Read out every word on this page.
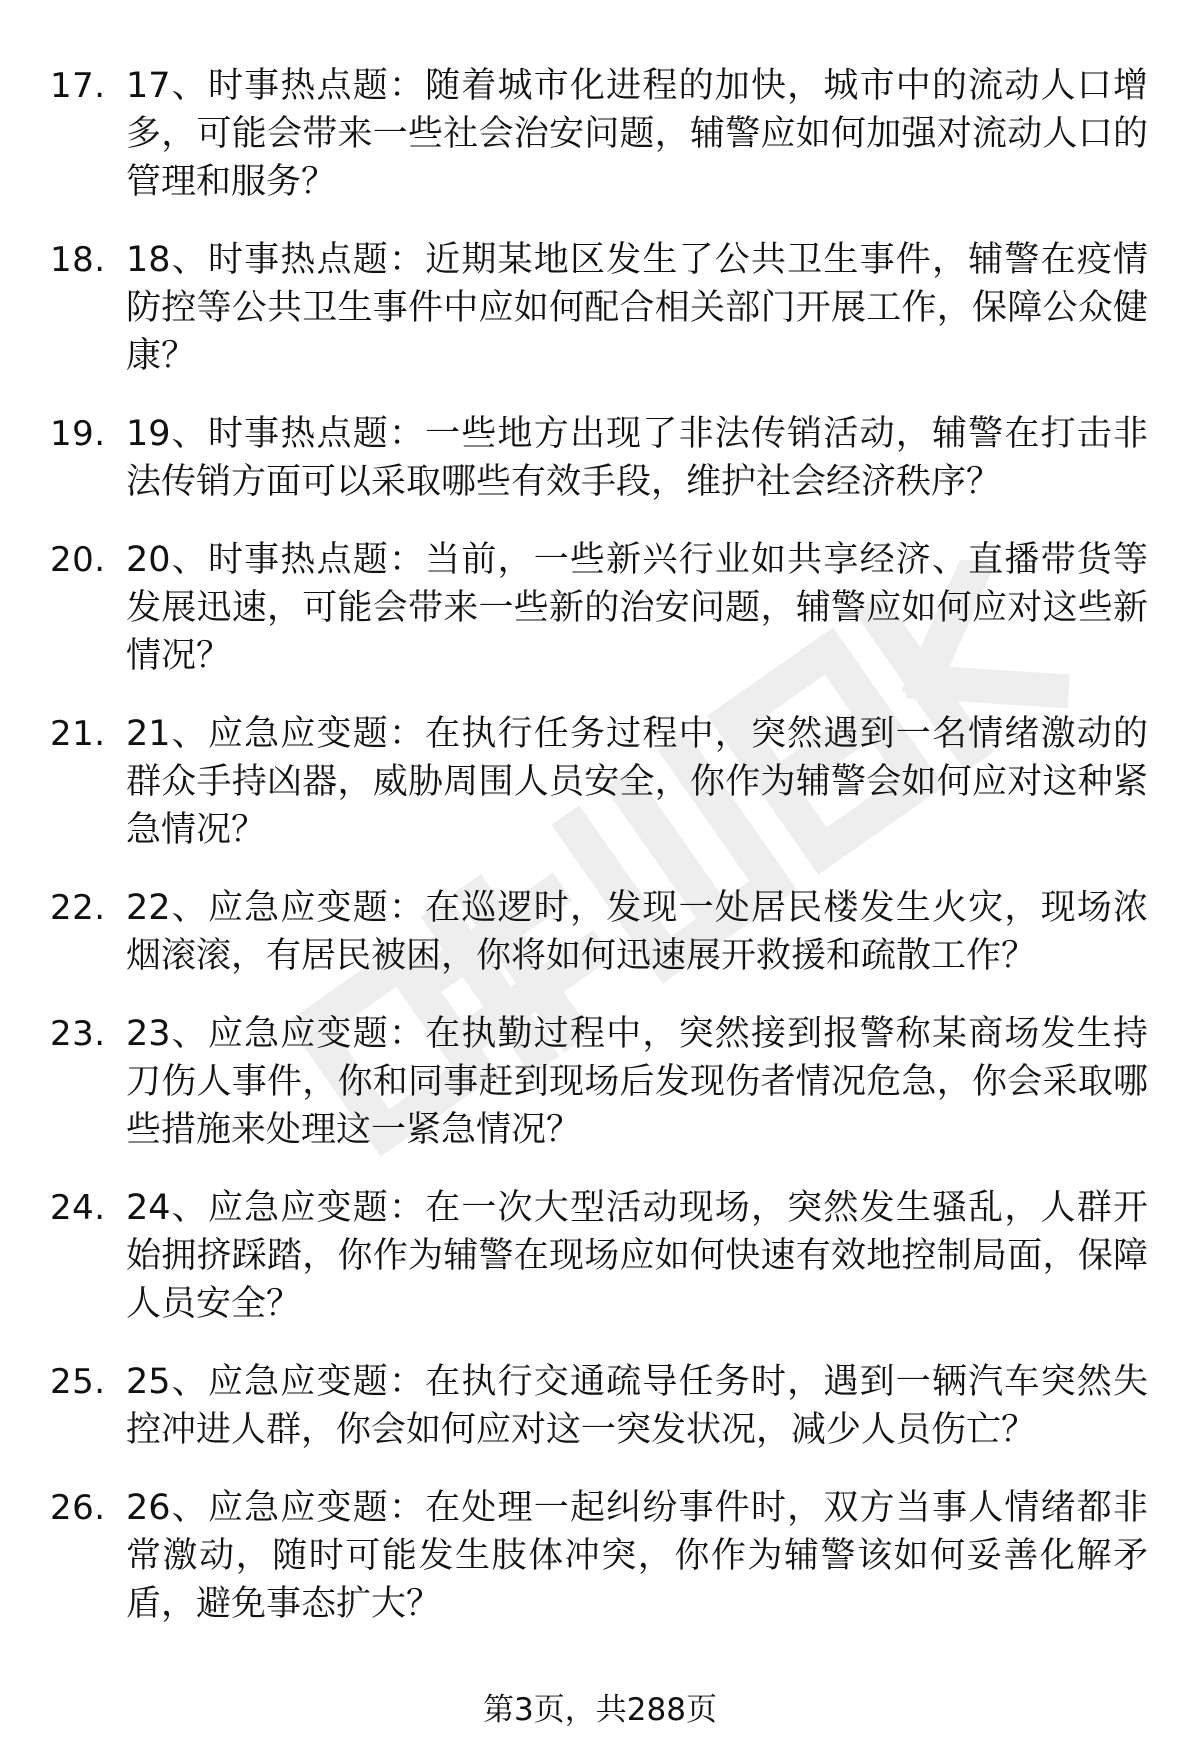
17. 17、时事热点题：随着城市化进程的加快，城市中的流动人口增多，可能会带来一些社会治安问题，辅警应如何加强对流动人口的管理和服务？
18. 18、时事热点题：近期某地区发生了公共卫生事件，辅警在疫情防控等公共卫生事件中应如何配合相关部门开展工作，保障公众健康？
19. 19、时事热点题：一些地方出现了非法传销活动，辅警在打击非法传销方面可以采取哪些有效手段，维护社会经济秩序？
20. 20、时事热点题：当前，一些新兴行业如共享经济、直播带货等发展迅速，可能会带来一些新的治安问题，辅警应如何应对这些新情况？
21. 21、应急应变题：在执行任务过程中，突然遇到一名情绪激动的群众手持凶器，威胁周围人员安全，你作为辅警会如何应对这种紧急情况？
22. 22、应急应变题：在巡逻时，发现一处居民楼发生火灾，现场浓烟滚滚，有居民被困，你将如何迅速展开救援和疏散工作？
23. 23、应急应变题：在执勤过程中，突然接到报警称某商场发生持刀伤人事件，你和同事赶到现场后发现伤者情况危急，你会采取哪些措施来处理这一紧急情况？
24. 24、应急应变题：在一次大型活动现场，突然发生骚乱，人群开始拥挤踩踏，你作为辅警在现场应如何快速有效地控制局面，保障人员安全？
25. 25、应急应变题：在执行交通疏导任务时，遇到一辆汽车突然失控冲进人群，你会如何应对这一突发状况，减少人员伤亡？
26. 26、应急应变题：在处理一起纠纷事件时，双方当事人情绪都非常激动，随时可能发生肢体冲突，你作为辅警该如何妥善化解矛盾，避免事态扩大？
第3页，共288页
